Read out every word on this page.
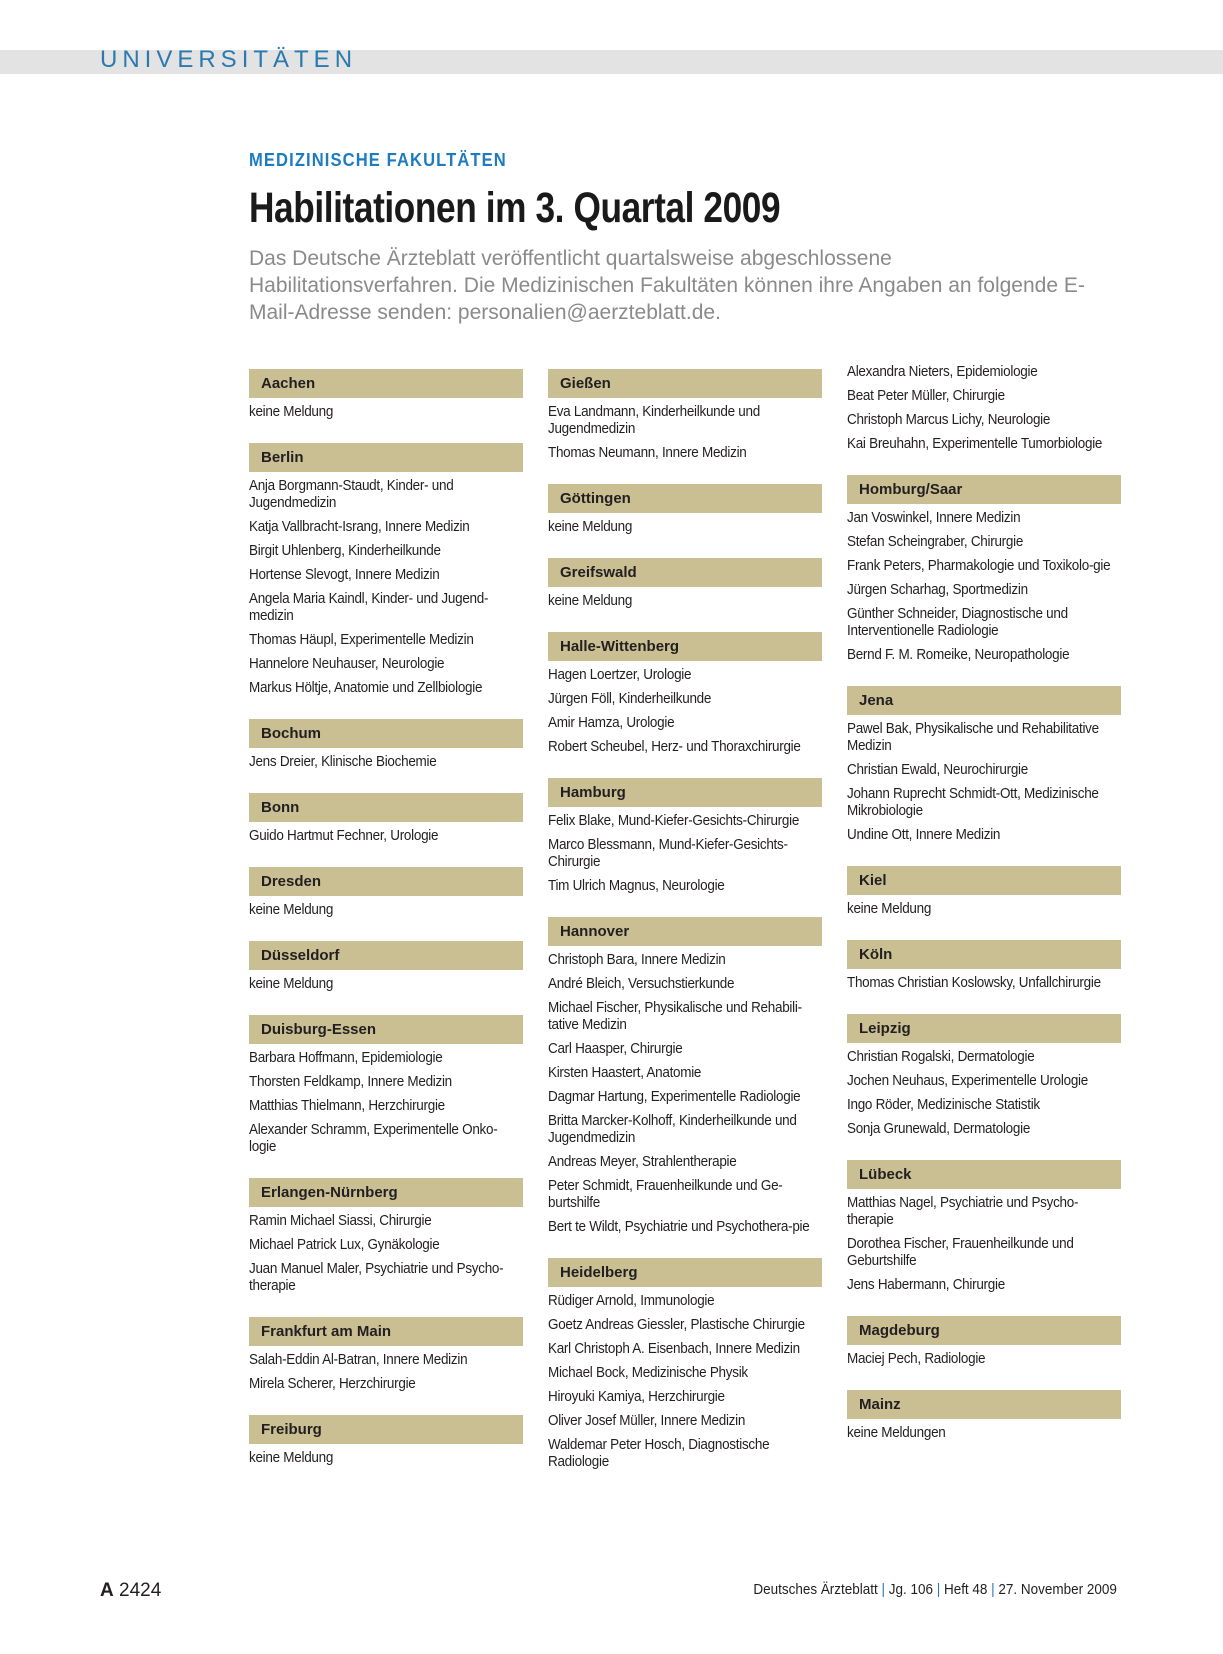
UNIVERSITÄTEN
MEDIZINISCHE FAKULTÄTEN
Habilitationen im 3. Quartal 2009
Das Deutsche Ärzteblatt veröffentlicht quartalsweise abgeschlossene Habilitationsverfahren. Die Medizinischen Fakultäten können ihre Angaben an folgende E-Mail-Adresse senden: personalien@aerzteblatt.de.
Aachen
keine Meldung
Berlin
Anja Borgmann-Staudt, Kinder- und Jugendmedizin
Katja Vallbracht-Israng, Innere Medizin
Birgit Uhlenberg, Kinderheilkunde
Hortense Slevogt, Innere Medizin
Angela Maria Kaindl, Kinder- und Jugend-medizin
Thomas Häupl, Experimentelle Medizin
Hannelore Neuhauser, Neurologie
Markus Höltje, Anatomie und Zellbiologie
Bochum
Jens Dreier, Klinische Biochemie
Bonn
Guido Hartmut Fechner, Urologie
Dresden
keine Meldung
Düsseldorf
keine Meldung
Duisburg-Essen
Barbara Hoffmann, Epidemiologie
Thorsten Feldkamp, Innere Medizin
Matthias Thielmann, Herzchirurgie
Alexander Schramm, Experimentelle Onko-logie
Erlangen-Nürnberg
Ramin Michael Siassi, Chirurgie
Michael Patrick Lux, Gynäkologie
Juan Manuel Maler, Psychiatrie und Psycho-therapie
Frankfurt am Main
Salah-Eddin Al-Batran, Innere Medizin
Mirela Scherer, Herzchirurgie
Freiburg
keine Meldung
Gießen
Eva Landmann, Kinderheilkunde und Jugendmedizin
Thomas Neumann, Innere Medizin
Göttingen
keine Meldung
Greifswald
keine Meldung
Halle-Wittenberg
Hagen Loertzer, Urologie
Jürgen Föll, Kinderheilkunde
Amir Hamza, Urologie
Robert Scheubel, Herz- und Thoraxchirurgie
Hamburg
Felix Blake, Mund-Kiefer-Gesichts-Chirurgie
Marco Blessmann, Mund-Kiefer-Gesichts-Chirurgie
Tim Ulrich Magnus, Neurologie
Hannover
Christoph Bara, Innere Medizin
André Bleich, Versuchstierkunde
Michael Fischer, Physikalische und Rehabili-tative Medizin
Carl Haasper, Chirurgie
Kirsten Haastert, Anatomie
Dagmar Hartung, Experimentelle Radiologie
Britta Marcker-Kolhoff, Kinderheilkunde und Jugendmedizin
Andreas Meyer, Strahlentherapie
Peter Schmidt, Frauenheilkunde und Ge-burtshilfe
Bert te Wildt, Psychiatrie und Psychothera-pie
Heidelberg
Rüdiger Arnold, Immunologie
Goetz Andreas Giessler, Plastische Chirurgie
Karl Christoph A. Eisenbach, Innere Medizin
Michael Bock, Medizinische Physik
Hiroyuki Kamiya, Herzchirurgie
Oliver Josef Müller, Innere Medizin
Waldemar Peter Hosch, Diagnostische Radiologie
Alexandra Nieters, Epidemiologie
Beat Peter Müller, Chirurgie
Christoph Marcus Lichy, Neurologie
Kai Breuhahn, Experimentelle Tumorbiologie
Homburg/Saar
Jan Voswinkel, Innere Medizin
Stefan Scheingraber, Chirurgie
Frank Peters, Pharmakologie und Toxikolo-gie
Jürgen Scharhag, Sportmedizin
Günther Schneider, Diagnostische und Interventionelle Radiologie
Bernd F. M. Romeike, Neuropathologie
Jena
Pawel Bak, Physikalische und Rehabilitative Medizin
Christian Ewald, Neurochirurgie
Johann Ruprecht Schmidt-Ott, Medizinische Mikrobiologie
Undine Ott, Innere Medizin
Kiel
keine Meldung
Köln
Thomas Christian Koslowsky, Unfallchirurgie
Leipzig
Christian Rogalski, Dermatologie
Jochen Neuhaus, Experimentelle Urologie
Ingo Röder, Medizinische Statistik
Sonja Grunewald, Dermatologie
Lübeck
Matthias Nagel, Psychiatrie und Psycho-therapie
Dorothea Fischer, Frauenheilkunde und Geburtshilfe
Jens Habermann, Chirurgie
Magdeburg
Maciej Pech, Radiologie
Mainz
keine Meldungen
A 2424	Deutsches Ärzteblatt | Jg. 106 | Heft 48 | 27. November 2009
